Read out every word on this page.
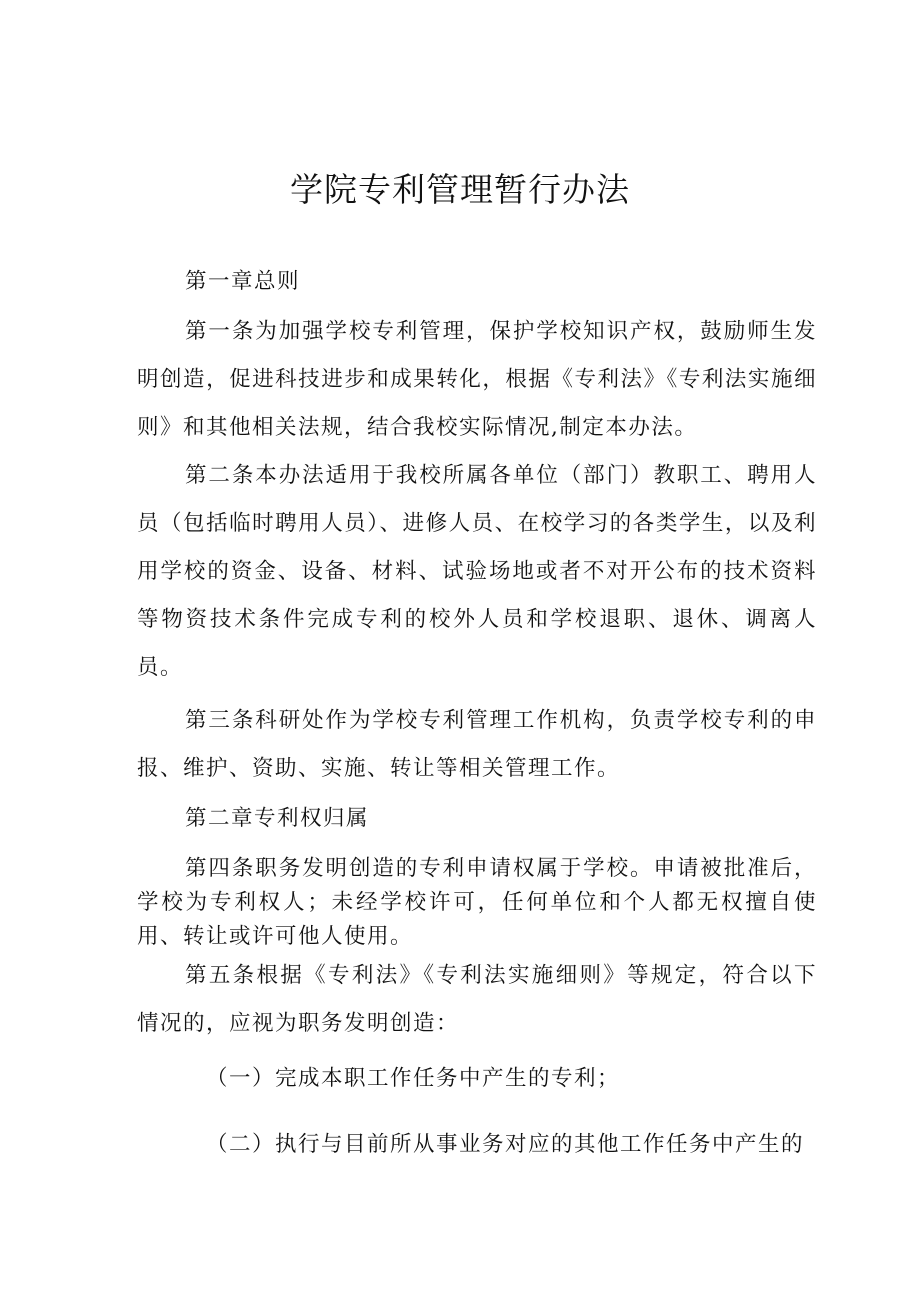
学院专利管理暂行办法
第一章总则
第一条为加强学校专利管理，保护学校知识产权，鼓励师生发明创造，促进科技进步和成果转化，根据《专利法》《专利法实施细则》和其他相关法规，结合我校实际情况,制定本办法。
第二条本办法适用于我校所属各单位（部门）教职工、聘用人员（包括临时聘用人员）、进修人员、在校学习的各类学生，以及利用学校的资金、设备、材料、试验场地或者不对开公布的技术资料等物资技术条件完成专利的校外人员和学校退职、退休、调离人员。
第三条科研处作为学校专利管理工作机构，负责学校专利的申报、维护、资助、实施、转让等相关管理工作。
第二章专利权归属
第四条职务发明创造的专利申请权属于学校。申请被批准后，学校为专利权人；未经学校许可，任何单位和个人都无权擅自使用、转让或许可他人使用。
第五条根据《专利法》《专利法实施细则》等规定，符合以下情况的，应视为职务发明创造：
（一）完成本职工作任务中产生的专利；
（二）执行与目前所从事业务对应的其他工作任务中产生的
